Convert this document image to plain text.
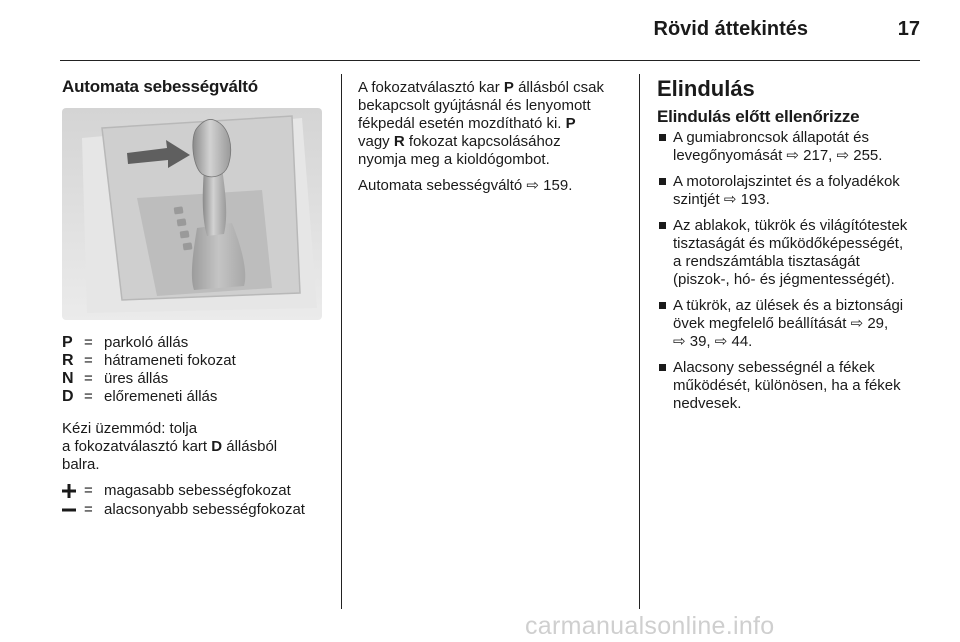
Rövid áttekintés	17
Automata sebességváltó
P	=	parkoló állás
R	=	hátrameneti fokozat
N	=	üres állás
D	=	előremeneti állás

Kézi üzemmód: tolja
a fokozatválasztó kart D állásból
balra.

	=	magasabb sebességfokozat
	=	alacsonyabb sebességfokozat

A fokozatválasztó kar P állásból csak
bekapcsolt gyújtásnál és lenyomott
fékpedál esetén mozdítható ki. P
vagy R fokozat kapcsolásához
nyomja meg a kioldógombot.

Automata sebességváltó ⇨ 159.

Elindulás
Elindulás előtt ellenőrizze
A gumiabroncsok állapotát és
levegőnyomását ⇨ 217, ⇨ 255.
A motorolajszintet és a folyadékok
szintjét ⇨ 193.
Az ablakok, tükrök és világítótestek
tisztaságát és működőképességét,
a rendszámtábla tisztaságát
(piszok-, hó- és jégmentességét).
A tükrök, az ülések és a biztonsági
övek megfelelő beállítását ⇨ 29,
⇨ 39, ⇨ 44.
Alacsony sebességnél a fékek
működését, különösen, ha a fékek
nedvesek.
carmanualsonline.info
